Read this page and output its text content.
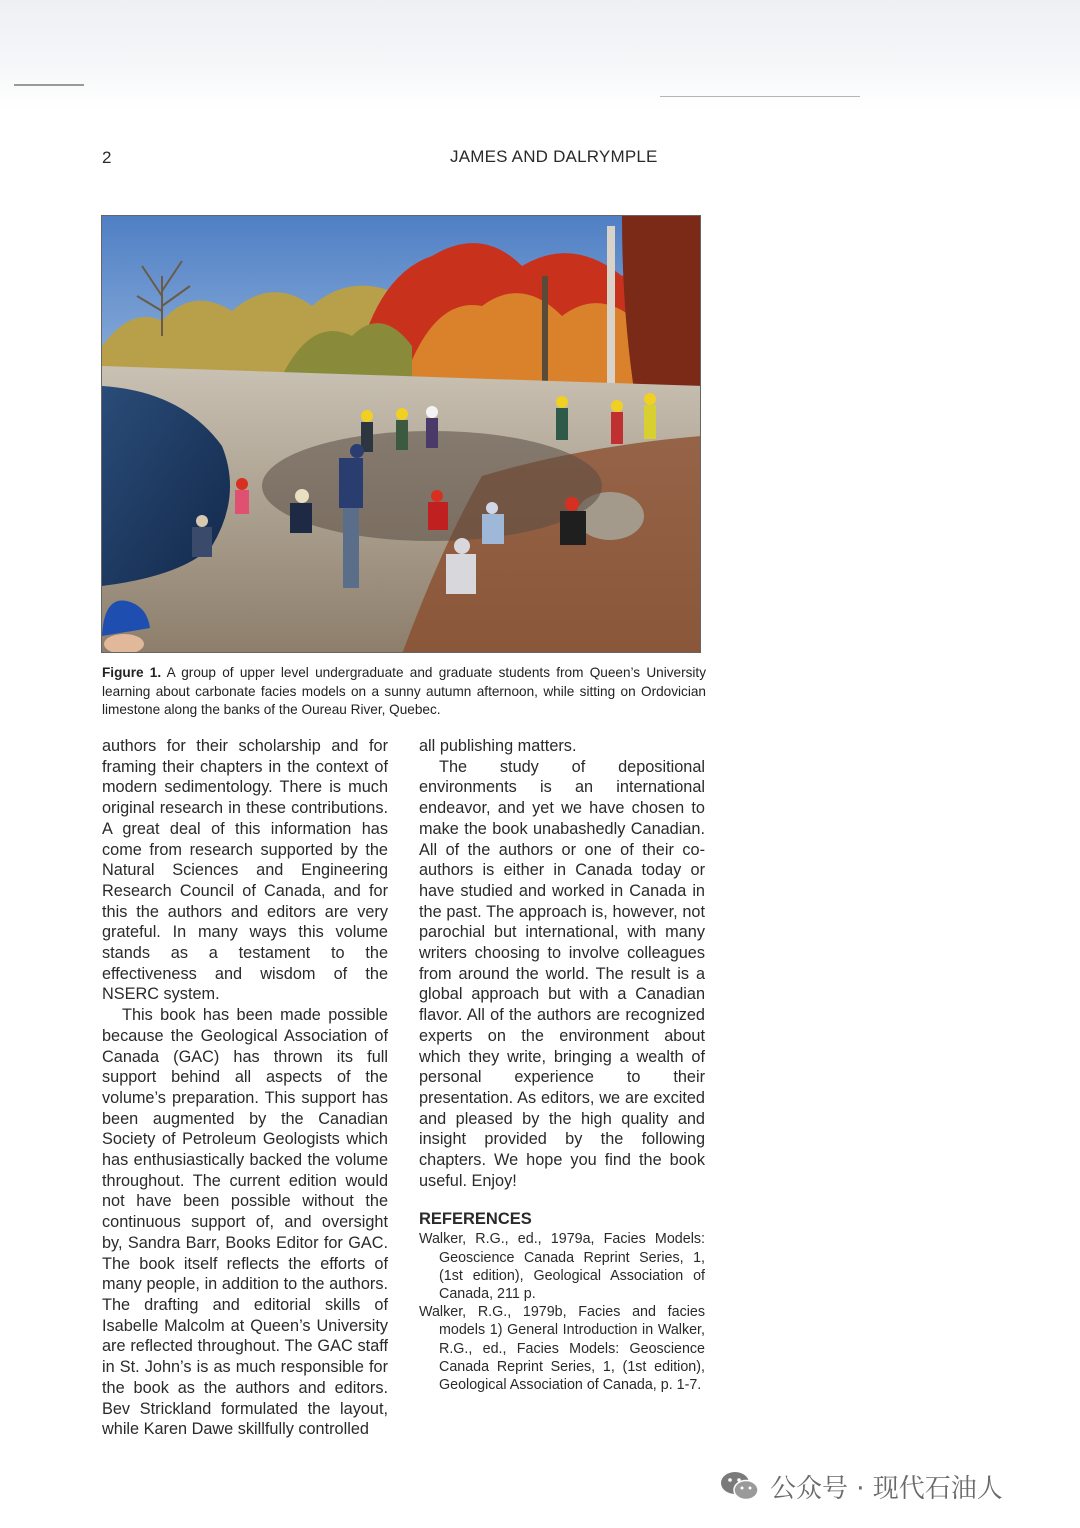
2	JAMES AND DALRYMPLE
Figure 1. A group of upper level undergraduate and graduate students from Queen’s University learning about carbonate facies models on a sunny autumn afternoon, while sitting on Ordovician limestone along the banks of the Oureau River, Quebec.

authors for their scholarship and for framing their chapters in the context of modern sedimentology. There is much original research in these contributions. A great deal of this information has come from research supported by the Natural Sciences and Engineering Research Council of Canada, and for this the authors and editors are very grateful. In many ways this volume stands as a testament to the effectiveness and wisdom of the NSERC system.

This book has been made possible because the Geological Association of Canada (GAC) has thrown its full support behind all aspects of the volume’s preparation. This support has been augmented by the Canadian Society of Petroleum Geologists which has enthusiastically backed the volume throughout. The current edition would not have been possible without the continuous support of, and oversight by, Sandra Barr, Books Editor for GAC. The book itself reflects the efforts of many people, in addition to the authors. The drafting and editorial skills of Isabelle Malcolm at Queen’s University are reflected throughout. The GAC staff in St. John’s is as much responsible for the book as the authors and editors. Bev Strickland formulated the layout, while Karen Dawe skillfully controlled

all publishing matters.

The study of depositional environments is an international endeavor, and yet we have chosen to make the book unabashedly Canadian. All of the authors or one of their co-authors is either in Canada today or have studied and worked in Canada in the past. The approach is, however, not parochial but international, with many writers choosing to involve colleagues from around the world. The result is a global approach but with a Canadian flavor. All of the authors are recognized experts on the environment about which they write, bringing a wealth of personal experience to their presentation. As editors, we are excited and pleased by the high quality and insight provided by the following chapters. We hope you find the book useful. Enjoy!

REFERENCES

Walker, R.G., ed., 1979a, Facies Models: Geoscience Canada Reprint Series, 1, (1st edition), Geological Association of Canada, 211 p.

Walker, R.G., 1979b, Facies and facies models 1) General Introduction in Walker, R.G., ed., Facies Models: Geoscience Canada Reprint Series, 1, (1st edition), Geological Association of Canada, p. 1-7.

公众号 · 现代石油人
